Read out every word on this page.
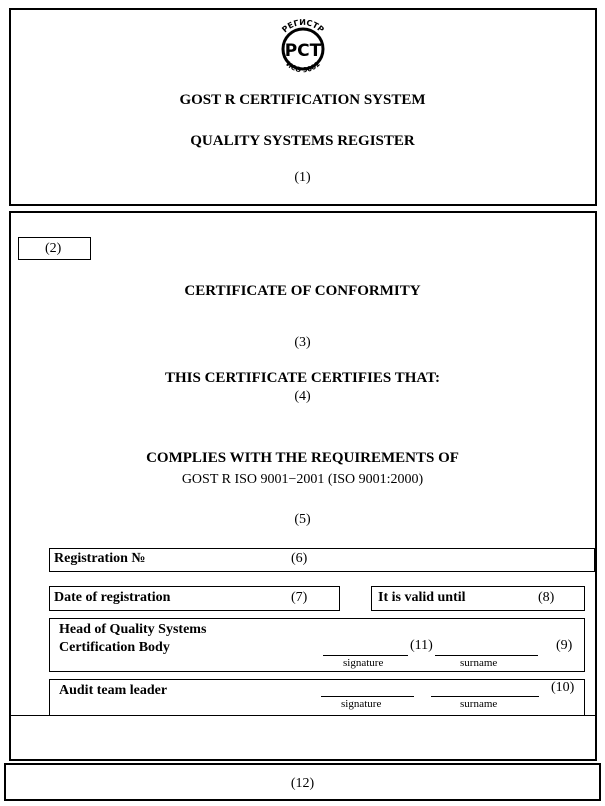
РЕГИСТР
ИСО 9001
РСТ
GOST R CERTIFICATION SYSTEM
QUALITY SYSTEMS REGISTER
(1)
(2)
CERTIFICATE OF CONFORMITY
(3)
THIS CERTIFICATE CERTIFIES THAT:
(4)
COMPLIES WITH THE REQUIREMENTS OF
GOST R ISO 9001−2001 (ISO 9001:2000)
(5)
Registration №	(6)
Date of registration	(7)	It is valid until	(8)
Head of Quality Systems
Certification Body	(11)	(9)
signature	surname
Audit team leader	(10)
signature	surname
(12)
